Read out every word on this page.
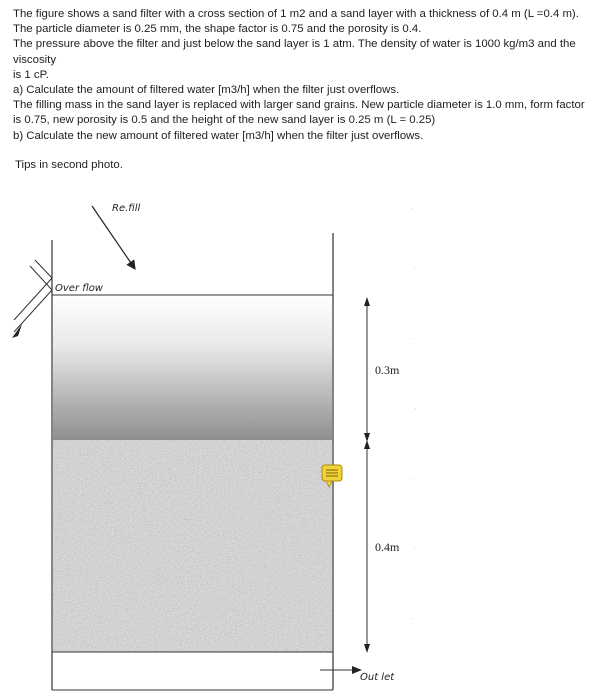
The figure shows a sand filter with a cross section of 1 m2 and a sand layer with a thickness of 0.4 m (L =0.4 m).

The particle diameter is 0.25 mm, the shape factor is 0.75 and the porosity is 0.4.

The pressure above the filter and just below the sand layer is 1 atm. The density of water is 1000 kg/m3 and the

viscosity

is 1 cP.

a) Calculate the amount of filtered water [m3/h] when the filter just overflows.

The filling mass in the sand layer is replaced with larger sand grains. New particle diameter is 1.0 mm, form factor

is 0.75, new porosity is 0.5 and the height of the new sand layer is 0.25 m (L = 0.25)

b) Calculate the new amount of filtered water [m3/h] when the filter just overflows.

Tips in second photo.
Re.fill
Over flow
0.3m
0.4m
Out let
